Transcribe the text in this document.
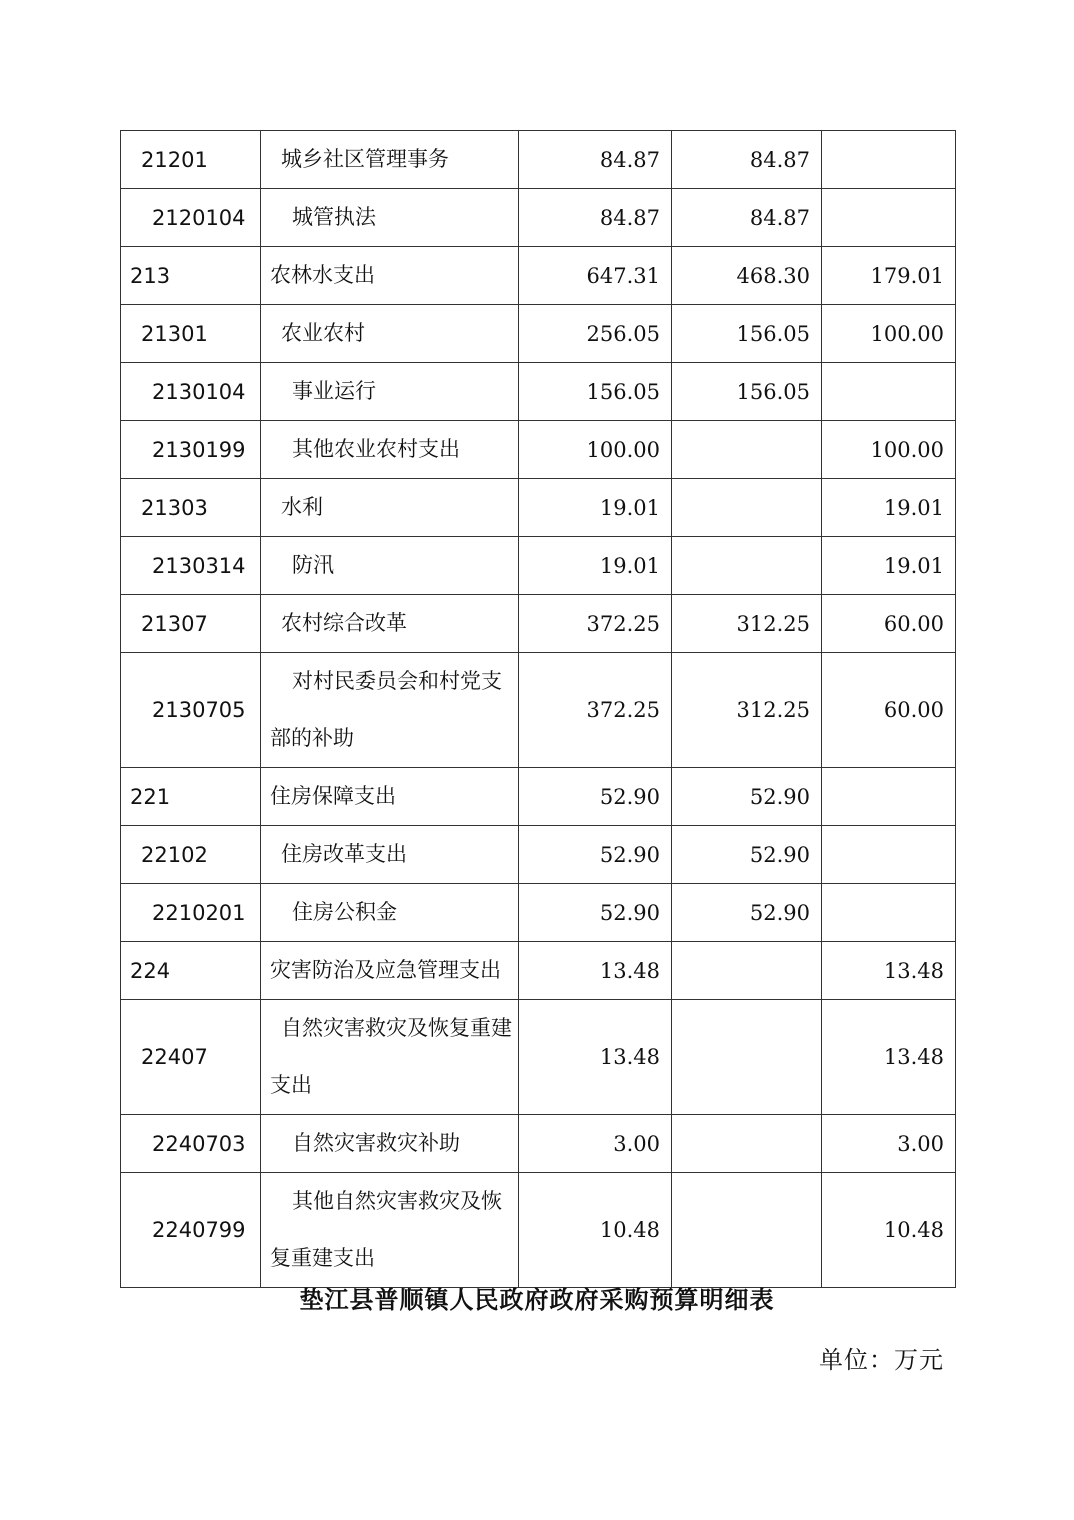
21201	城乡社区管理事务	84.87	84.87	
2120104	城管执法	84.87	84.87	
213	农林水支出	647.31	468.30	179.01
21301	农业农村	256.05	156.05	100.00
2130104	事业运行	156.05	156.05	
2130199	其他农业农村支出	100.00		100.00
21303	水利	19.01		19.01
2130314	防汛	19.01		19.01
21307	农村综合改革	372.25	312.25	60.00
2130705	对村民委员会和村党支部的补助	372.25	312.25	60.00
221	住房保障支出	52.90	52.90	
22102	住房改革支出	52.90	52.90	
2210201	住房公积金	52.90	52.90	
224	灾害防治及应急管理支出	13.48		13.48
22407	自然灾害救灾及恢复重建支出	13.48		13.48
2240703	自然灾害救灾补助	3.00		3.00
2240799	其他自然灾害救灾及恢复重建支出	10.48		10.48
垫江县普顺镇人民政府政府采购预算明细表
单位：万元
